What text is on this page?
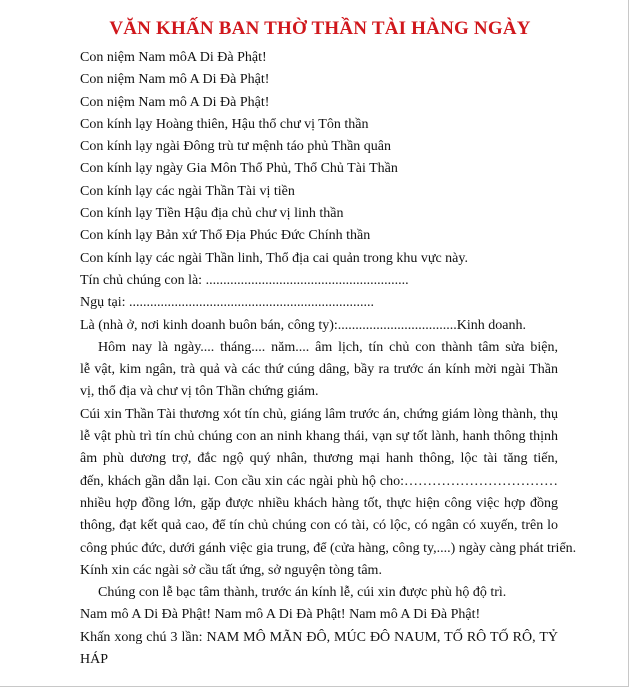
VĂN KHẤN BAN THỜ THẦN TÀI HÀNG NGÀY
Con niệm Nam môA Di Đà Phật!
Con niệm Nam mô A Di Đà Phật!
Con niệm Nam mô A Di Đà Phật!
Con kính lạy Hoàng thiên, Hậu thổ chư vị Tôn thần
Con kính lạy ngài Đông trù tư mệnh táo phủ Thần quân
Con kính lạy ngày Gia Môn Thổ Phủ, Thổ Chủ Tài Thần
Con kính lạy các ngài Thần Tài vị tiền
Con kính lạy Tiền Hậu địa chủ chư vị linh thần
Con kính lạy Bản xứ Thổ Địa Phúc Đức Chính thần
Con kính lạy các ngài Thần linh, Thổ địa cai quản trong khu vực này.
Tín chủ chúng con là: ..........................................................
Ngụ tại: ......................................................................
Là (nhà ở, nơi kinh doanh buôn bán, công ty):..................................Kinh doanh.
Hôm nay là ngày.... tháng.... năm.... âm lịch, tín chủ con thành tâm sửa biện,
lễ vật, kim ngân, trà quả và các thứ cúng dâng, bầy ra trước án kính mời ngài Thần
vị, thổ địa và chư vị tôn Thần chứng giám.
Cúi xin Thần Tài thương xót tín chủ, giáng lâm trước án, chứng giám lòng thành, thụ
lễ vật phù trì tín chủ chúng con an ninh khang thái, vạn sự tốt lành, hanh thông thịnh
âm phù dương trợ, đắc ngộ quý nhân, thương mại hanh thông, lộc tài tăng tiến,
đến, khách gần dẫn lại. Con cầu xin các ngài phù hộ cho:……………………………
nhiều hợp đồng lớn, gặp được nhiều khách hàng tốt, thực hiện công việc hợp đồng
thông, đạt kết quả cao, để tín chủ chúng con có tài, có lộc, có ngân có xuyến, trên lo
công phúc đức, dưới gánh việc gia trung, để (cửa hàng, công ty,....) ngày càng phát triển.
Kính xin các ngài sở cầu tất ứng, sở nguyện tòng tâm.
Chúng con lễ bạc tâm thành, trước án kính lễ, cúi xin được phù hộ độ trì.
Nam mô A Di Đà Phật! Nam mô A Di Đà Phật! Nam mô A Di Đà Phật!
Khấn xong chú 3 lần: NAM MÔ MÃN ĐÔ, MÚC ĐÔ NAUM, TỐ RÔ TỐ RÔ, TỶ
HÁP
